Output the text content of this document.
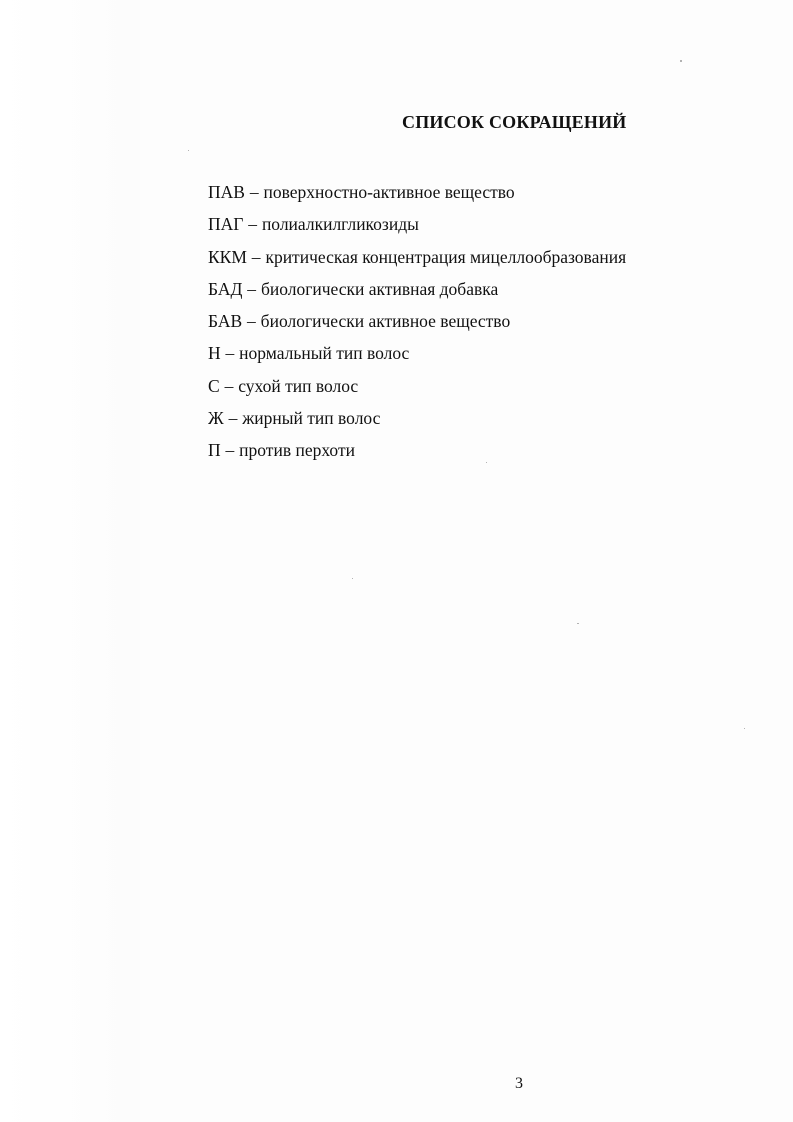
СПИСОК СОКРАЩЕНИЙ
ПАВ – поверхностно-активное вещество
ПАГ – полиалкилгликозиды
ККМ – критическая концентрация мицеллообразования
БАД – биологически активная добавка
БАВ – биологически активное вещество
Н – нормальный тип волос
С – сухой тип волос
Ж – жирный тип волос
П – против перхоти
3
